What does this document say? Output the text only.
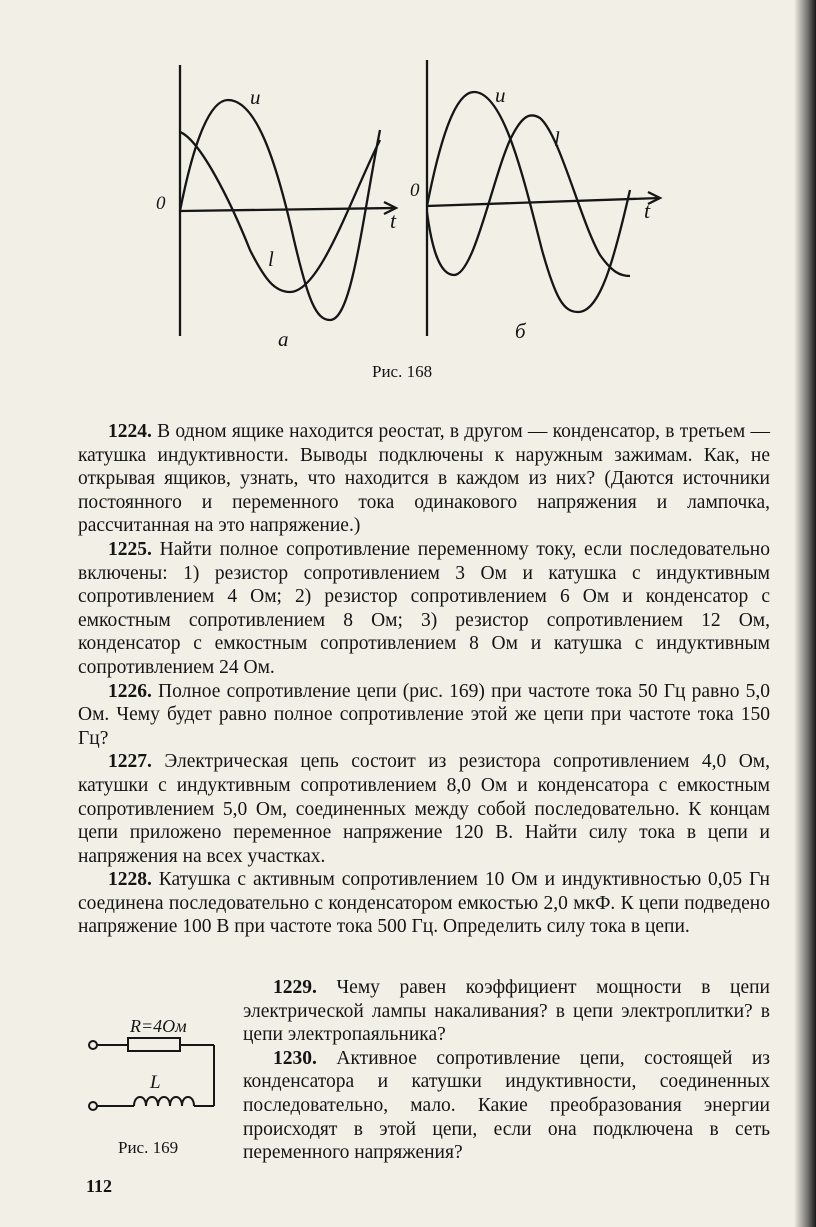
0
t
u
l
a
0
t
u
l
б
Рис. 168

1224. В одном ящике находится реостат, в другом — конденсатор, в третьем — катушка индуктивности. Выводы подключены к наружным зажимам. Как, не открывая ящиков, узнать, что находится в каждом из них? (Даются источники постоянного и переменного тока одинакового напряжения и лампочка, рассчитанная на это напряжение.)

1225. Найти полное сопротивление переменному току, если последовательно включены: 1) резистор сопротивлением 3 Ом и катушка с индуктивным сопротивлением 4 Ом; 2) резистор сопротивлением 6 Ом и конденсатор с емкостным сопротивлением 8 Ом; 3) резистор сопротивлением 12 Ом, конденсатор с емкостным сопротивлением 8 Ом и катушка с индуктивным сопротивлением 24 Ом.

1226. Полное сопротивление цепи (рис. 169) при частоте тока 50 Гц равно 5,0 Ом. Чему будет равно полное сопротивление этой же цепи при частоте тока 150 Гц?

1227. Электрическая цепь состоит из резистора сопротивлением 4,0 Ом, катушки с индуктивным сопротивлением 8,0 Ом и конденсатора с емкостным сопротивлением 5,0 Ом, соединенных между собой последовательно. К концам цепи приложено переменное напряжение 120 В. Найти силу тока в цепи и напряжения на всех участках.

1228. Катушка с активным сопротивлением 10 Ом и индуктивностью 0,05 Гн соединена последовательно с конденсатором емкостью 2,0 мкФ. К цепи подведено напряжение 100 В при частоте тока 500 Гц. Определить силу тока в цепи.

1229. Чему равен коэффициент мощности в цепи электрической лампы накаливания? в цепи электроплитки? в цепи электропаяльника?

1230. Активное сопротивление цепи, состоящей из конденсатора и катушки индуктивности, соединенных последовательно, мало. Какие преобразования энергии происходят в этой цепи, если она подключена в сеть переменного напряжения?

R=4Ом
L
Рис. 169
112
